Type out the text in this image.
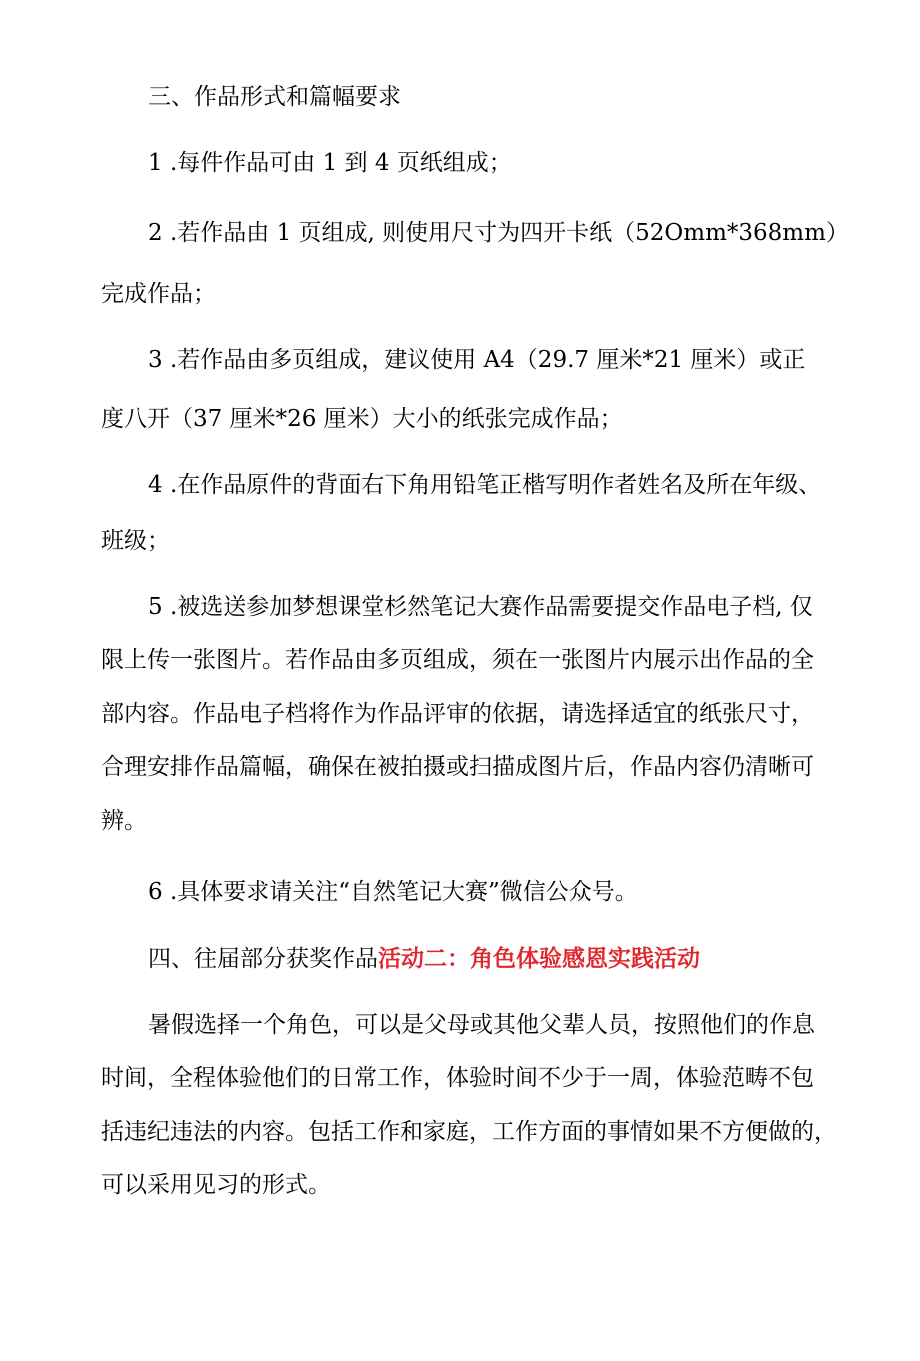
三、作品形式和篇幅要求
1 .每件作品可由 1 到 4 页纸组成；
2 .若作品由 1 页组成, 则使用尺寸为四开卡纸（52Omm*368mm）
完成作品；
3 .若作品由多页组成，建议使用 A4（29.7 厘米*21 厘米）或正
度八开（37 厘米*26 厘米）大小的纸张完成作品；
4 .在作品原件的背面右下角用铅笔正楷写明作者姓名及所在年级、
班级；
5 .被选送参加梦想课堂杉然笔记大赛作品需要提交作品电子档, 仅
限上传一张图片。若作品由多页组成，须在一张图片内展示出作品的全
部内容。作品电子档将作为作品评审的依据，请选择适宜的纸张尺寸，
合理安排作品篇幅，确保在被拍摄或扫描成图片后，作品内容仍清晰可
辨。
6 .具体要求请关注“自然笔记大赛”微信公众号。
四、往届部分获奖作品活动二：角色体验感恩实践活动
暑假选择一个角色，可以是父母或其他父辈人员，按照他们的作息
时间，全程体验他们的日常工作，体验时间不少于一周，体验范畴不包
括违纪违法的内容。包括工作和家庭，工作方面的事情如果不方便做的，
可以采用见习的形式。
